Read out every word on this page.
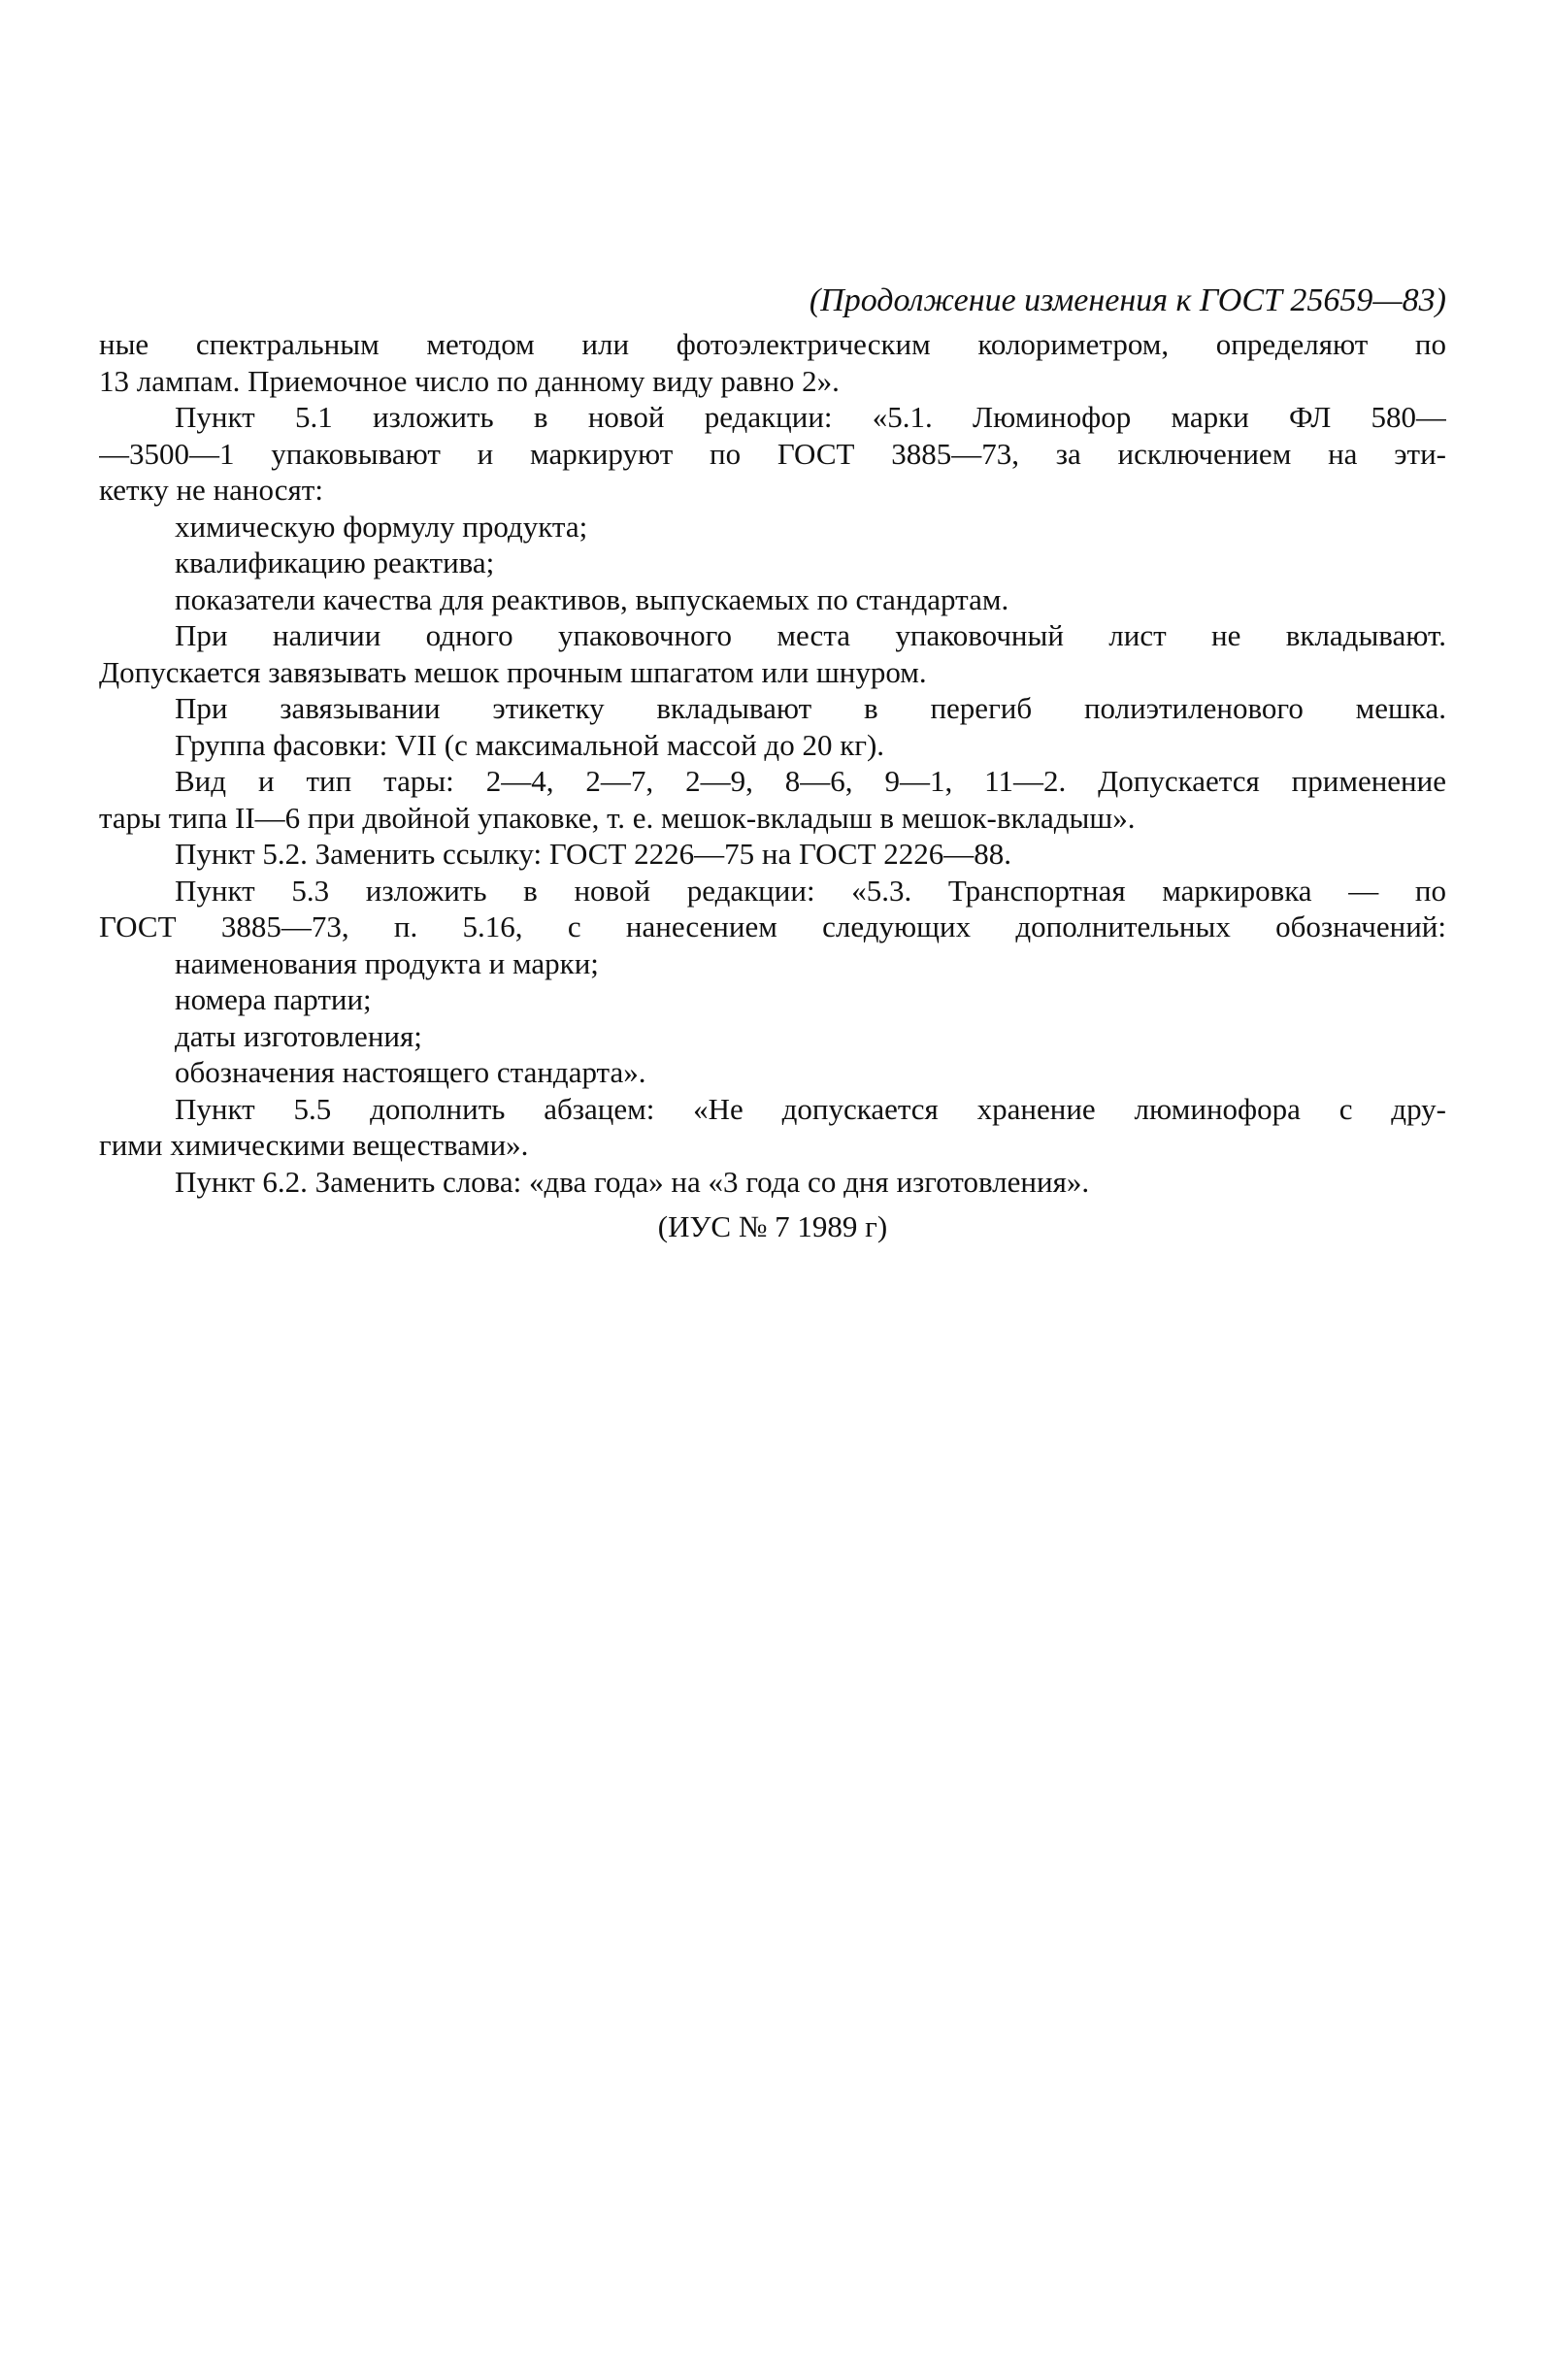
(Продолжение изменения к ГОСТ 25659—83)
ные спектральным методом или фотоэлектрическим колориметром, определяют по
13 лампам. Приемочное число по данному виду равно 2».
Пункт 5.1 изложить в новой редакции: «5.1. Люминофор марки ФЛ 580—
—3500—1 упаковывают и маркируют по ГОСТ 3885—73, за исключением на эти-
кетку не наносят:
химическую формулу продукта;
квалификацию реактива;
показатели качества для реактивов, выпускаемых по стандартам.
При наличии одного упаковочного места упаковочный лист не вкладывают.
Допускается завязывать мешок прочным шпагатом или шнуром.
При завязывании этикетку вкладывают в перегиб полиэтиленового мешка.
Группа фасовки: VII (с максимальной массой до 20 кг).
Вид и тип тары: 2—4, 2—7, 2—9, 8—6, 9—1, 11—2. Допускается применение
тары типа II—6 при двойной упаковке, т. е. мешок-вкладыш в мешок-вкладыш».
Пункт 5.2. Заменить ссылку: ГОСТ 2226—75 на ГОСТ 2226—88.
Пункт 5.3 изложить в новой редакции: «5.3. Транспортная маркировка — по
ГОСТ 3885—73, п. 5.16, с нанесением следующих дополнительных обозначений:
наименования продукта и марки;
номера партии;
даты изготовления;
обозначения настоящего стандарта».
Пункт 5.5 дополнить абзацем: «Не допускается хранение люминофора с дру-
гими химическими веществами».
Пункт 6.2. Заменить слова: «два года» на «3 года со дня изготовления».
(ИУС № 7 1989 г)
